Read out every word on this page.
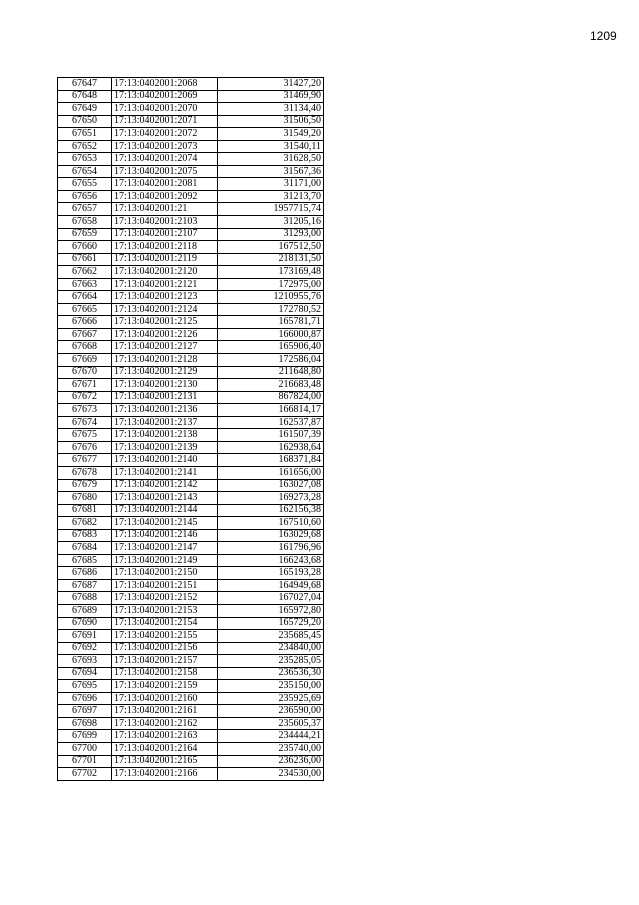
1209
67647	17:13:0402001:2068	31427,20
67648	17:13:0402001:2069	31469,90
67649	17:13:0402001:2070	31134,40
67650	17:13:0402001:2071	31506,50
67651	17:13:0402001:2072	31549,20
67652	17:13:0402001:2073	31540,11
67653	17:13:0402001:2074	31628,50
67654	17:13:0402001:2075	31567,36
67655	17:13:0402001:2081	31171,00
67656	17:13:0402001:2092	31213,70
67657	17:13:0402001:21	1957715,74
67658	17:13:0402001:2103	31205,16
67659	17:13:0402001:2107	31293,00
67660	17:13:0402001:2118	167512,50
67661	17:13:0402001:2119	218131,50
67662	17:13:0402001:2120	173169,48
67663	17:13:0402001:2121	172975,00
67664	17:13:0402001:2123	1210955,76
67665	17:13:0402001:2124	172780,52
67666	17:13:0402001:2125	165781,71
67667	17:13:0402001:2126	166000,87
67668	17:13:0402001:2127	165906,40
67669	17:13:0402001:2128	172586,04
67670	17:13:0402001:2129	211648,80
67671	17:13:0402001:2130	216683,48
67672	17:13:0402001:2131	867824,00
67673	17:13:0402001:2136	166814,17
67674	17:13:0402001:2137	162537,87
67675	17:13:0402001:2138	161507,39
67676	17:13:0402001:2139	162938,64
67677	17:13:0402001:2140	168371,84
67678	17:13:0402001:2141	161656,00
67679	17:13:0402001:2142	163027,08
67680	17:13:0402001:2143	169273,28
67681	17:13:0402001:2144	162156,38
67682	17:13:0402001:2145	167510,60
67683	17:13:0402001:2146	163029,68
67684	17:13:0402001:2147	161796,96
67685	17:13:0402001:2149	166243,68
67686	17:13:0402001:2150	165193,28
67687	17:13:0402001:2151	164949,68
67688	17:13:0402001:2152	167027,04
67689	17:13:0402001:2153	165972,80
67690	17:13:0402001:2154	165729,20
67691	17:13:0402001:2155	235685,45
67692	17:13:0402001:2156	234840,00
67693	17:13:0402001:2157	235285,05
67694	17:13:0402001:2158	236536,30
67695	17:13:0402001:2159	235150,00
67696	17:13:0402001:2160	235925,69
67697	17:13:0402001:2161	236590,00
67698	17:13:0402001:2162	235605,37
67699	17:13:0402001:2163	234444,21
67700	17:13:0402001:2164	235740,00
67701	17:13:0402001:2165	236236,00
67702	17:13:0402001:2166	234530,00
